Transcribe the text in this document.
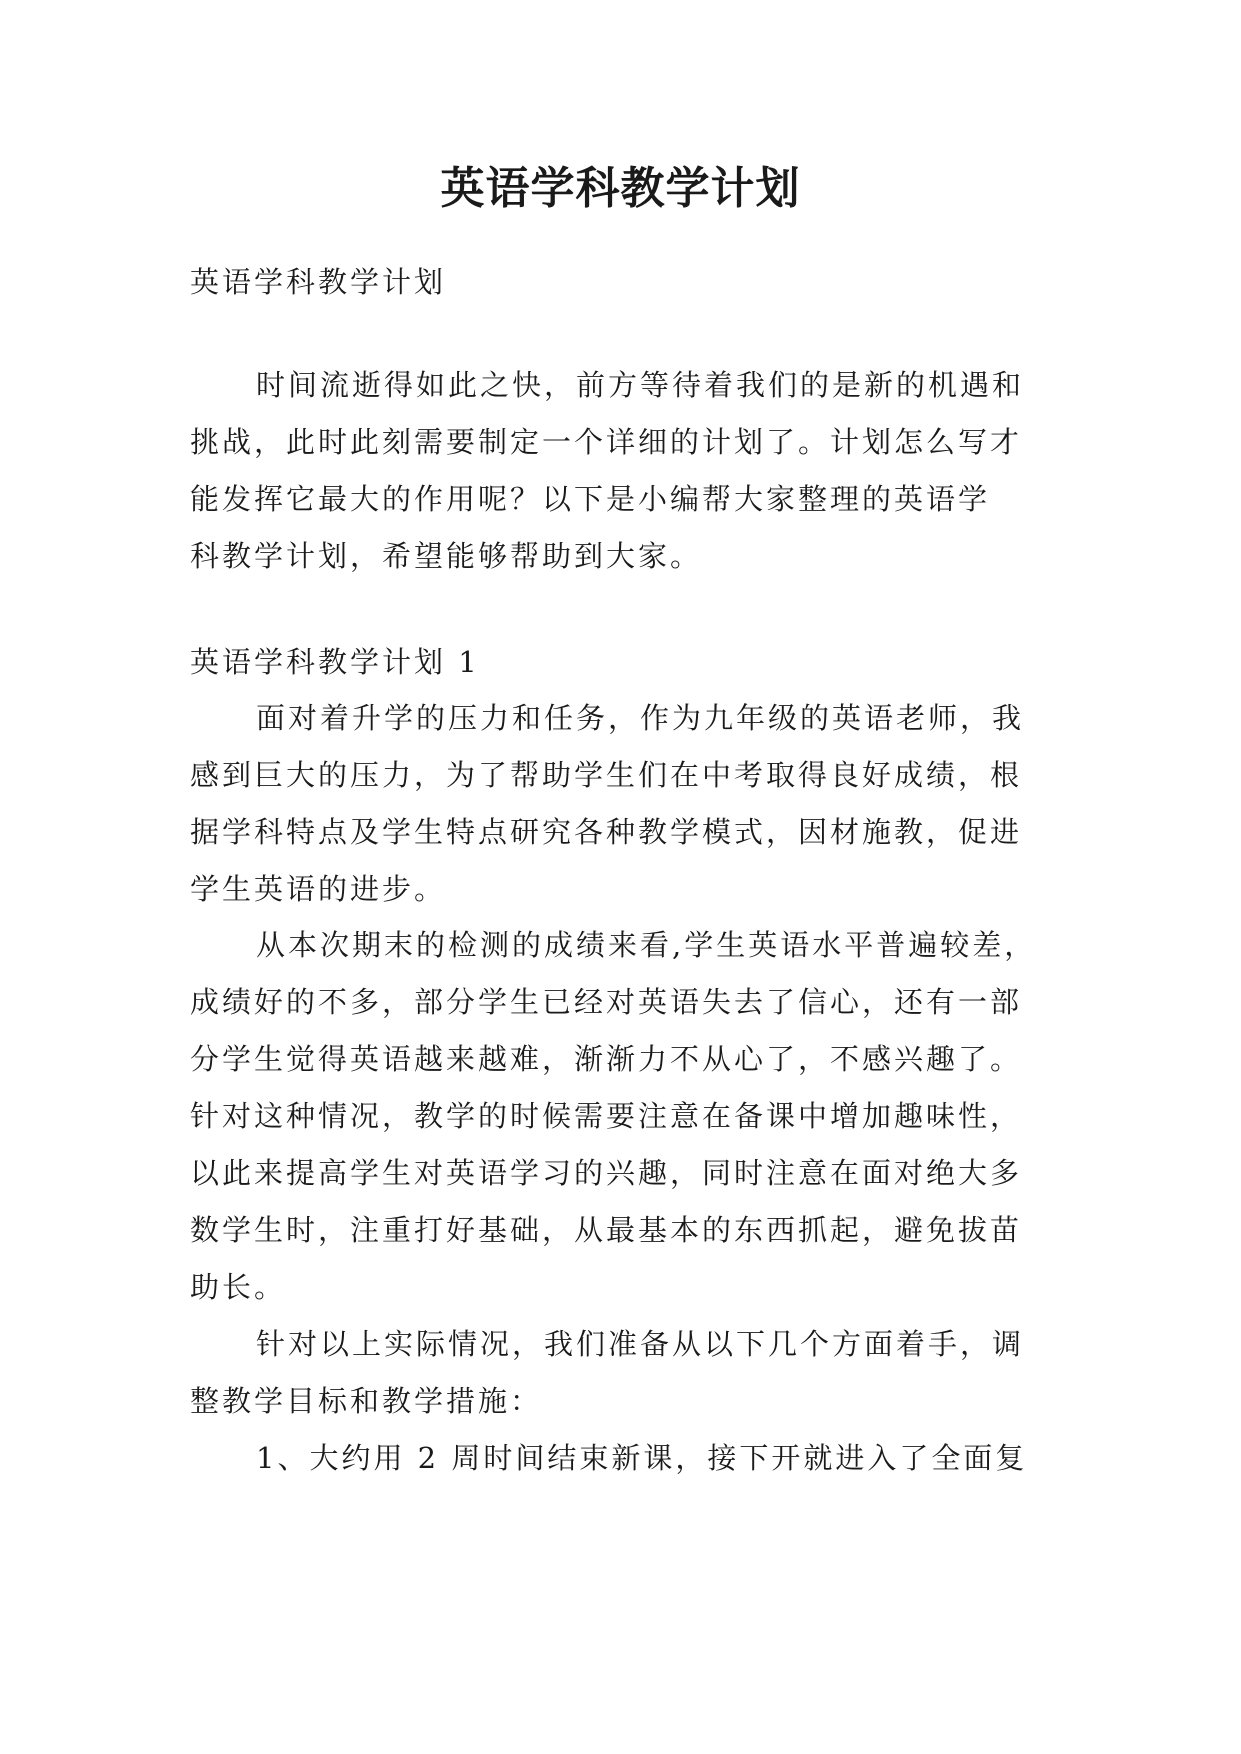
英语学科教学计划

英语学科教学计划

时间流逝得如此之快，前方等待着我们的是新的机遇和

挑战，此时此刻需要制定一个详细的计划了。计划怎么写才

能发挥它最大的作用呢？以下是小编帮大家整理的英语学

科教学计划，希望能够帮助到大家。

英语学科教学计划 1

面对着升学的压力和任务，作为九年级的英语老师，我

感到巨大的压力，为了帮助学生们在中考取得良好成绩，根

据学科特点及学生特点研究各种教学模式，因材施教，促进

学生英语的进步。

从本次期末的检测的成绩来看,学生英语水平普遍较差，

成绩好的不多，部分学生已经对英语失去了信心，还有一部

分学生觉得英语越来越难，渐渐力不从心了，不感兴趣了。

针对这种情况，教学的时候需要注意在备课中增加趣味性，

以此来提高学生对英语学习的兴趣，同时注意在面对绝大多

数学生时，注重打好基础，从最基本的东西抓起，避免拔苗

助长。

针对以上实际情况，我们准备从以下几个方面着手，调

整教学目标和教学措施：

1、大约用 2 周时间结束新课，接下开就进入了全面复
